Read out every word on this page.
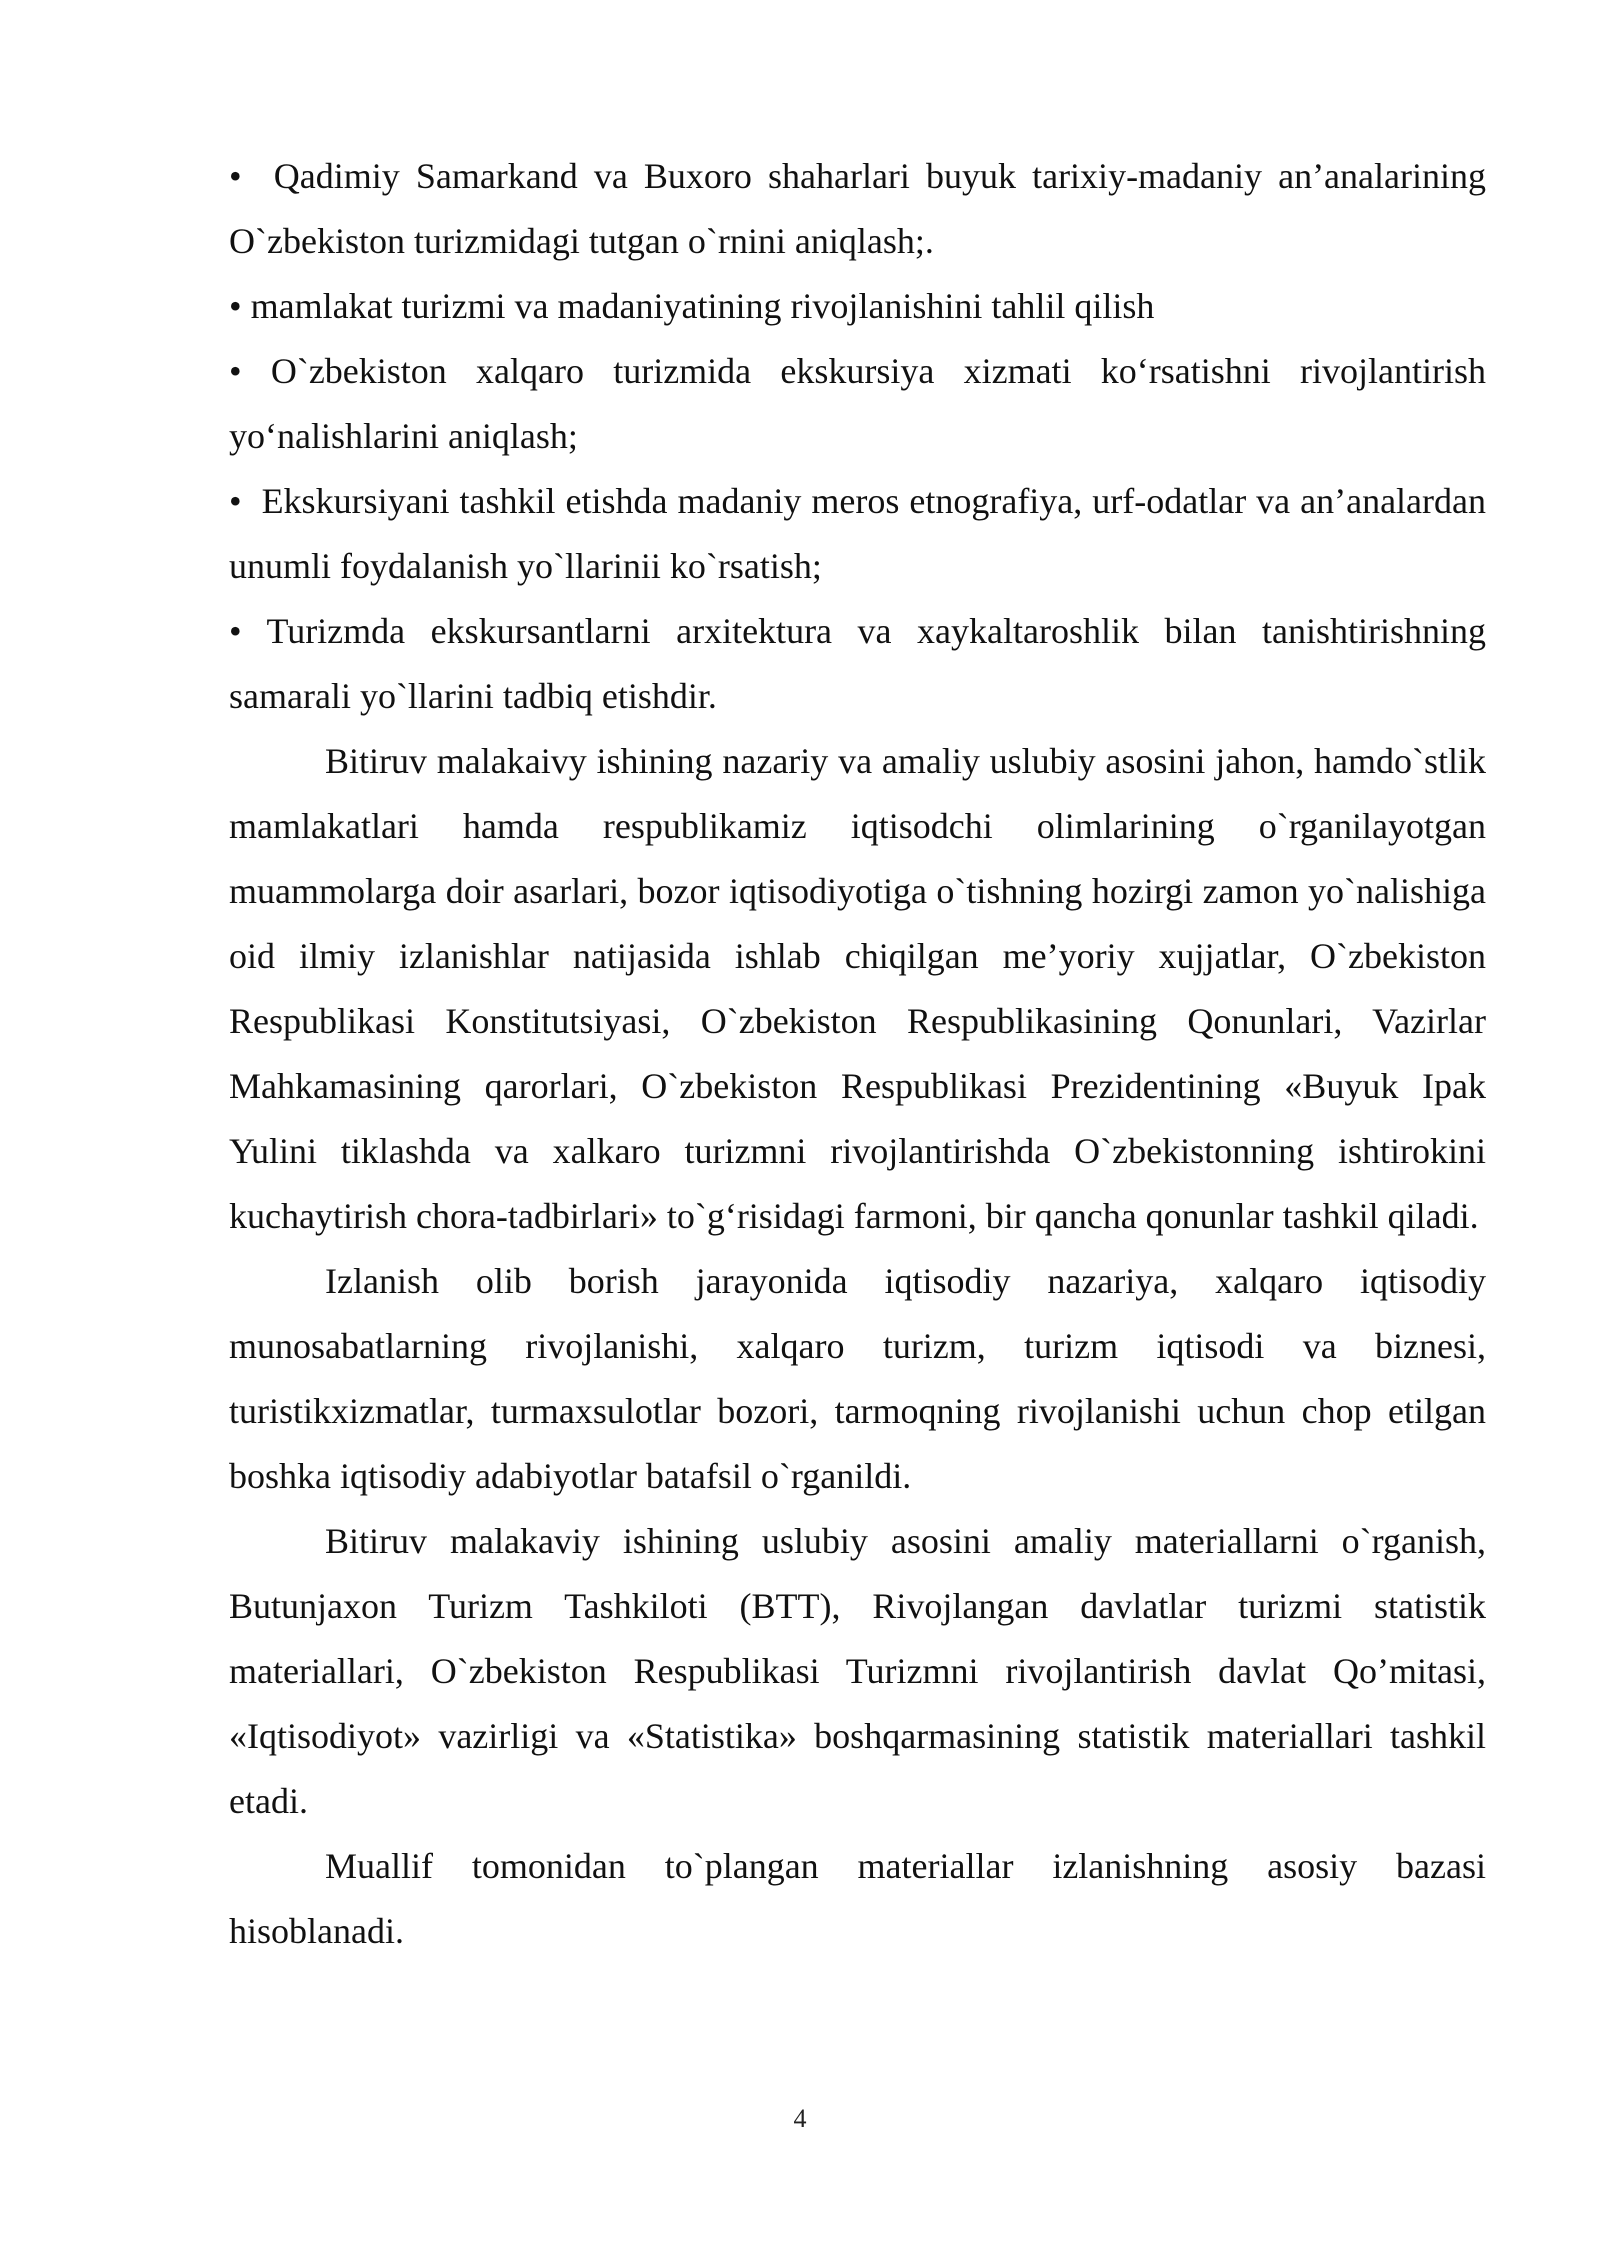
•  Qadimiy Samarkand va Buxoro shaharlari buyuk tarixiy-madaniy an’analarining O`zbekiston turizmidagi tutgan o`rnini aniqlash;.

• mamlakat turizmi va madaniyatining rivojlanishini tahlil qilish

• O`zbekiston xalqaro turizmida ekskursiya xizmati koʻrsatishni rivojlantirish yoʻnalishlarini aniqlash;

•  Ekskursiyani tashkil etishda madaniy meros etnografiya, urf-odatlar va an’analardan unumli foydalanish yo`llarinii ko`rsatish;

• Turizmda ekskursantlarni arxitektura va xaykaltaroshlik bilan tanishtirishning samarali yo`llarini tadbiq etishdir.

Bitiruv malakaivy ishining nazariy va amaliy uslubiy asosini jahon, hamdo`stlik mamlakatlari hamda respublikamiz iqtisodchi olimlarining o`rganilayotgan muammolarga doir asarlari, bozor iqtisodiyotiga o`tishning hozirgi zamon yo`nalishiga oid ilmiy izlanishlar natijasida ishlab chiqilgan me’yoriy xujjatlar, O`zbekiston Respublikasi Konstitutsiyasi, O`zbekiston Respublikasining Qonunlari, Vazirlar Mahkamasining qarorlari, O`zbekiston Respublikasi Prezidentining «Buyuk Ipak Yulini tiklashda va xalkaro turizmni rivojlantirishda O`zbekistonning ishtirokini kuchaytirish chora-tadbirlari» to`gʻrisidagi farmoni, bir qancha qonunlar tashkil qiladi.

Izlanish olib borish jarayonida iqtisodiy nazariya, xalqaro iqtisodiy munosabatlarning rivojlanishi, xalqaro turizm, turizm iqtisodi va biznesi, turistikxizmatlar, turmaxsulotlar bozori, tarmoqning rivojlanishi uchun chop etilgan boshka iqtisodiy adabiyotlar batafsil o`rganildi.

Bitiruv malakaviy ishining uslubiy asosini amaliy materiallarni o`rganish, Butunjaxon Turizm Tashkiloti (BTT), Rivojlangan davlatlar turizmi statistik materiallari, O`zbekiston Respublikasi Turizmni rivojlantirish davlat Qo’mitasi, «Iqtisodiyot» vazirligi va «Statistika» boshqarmasining statistik materiallari tashkil etadi.

Muallif tomonidan to`plangan materiallar izlanishning asosiy bazasi hisoblanadi.

4
